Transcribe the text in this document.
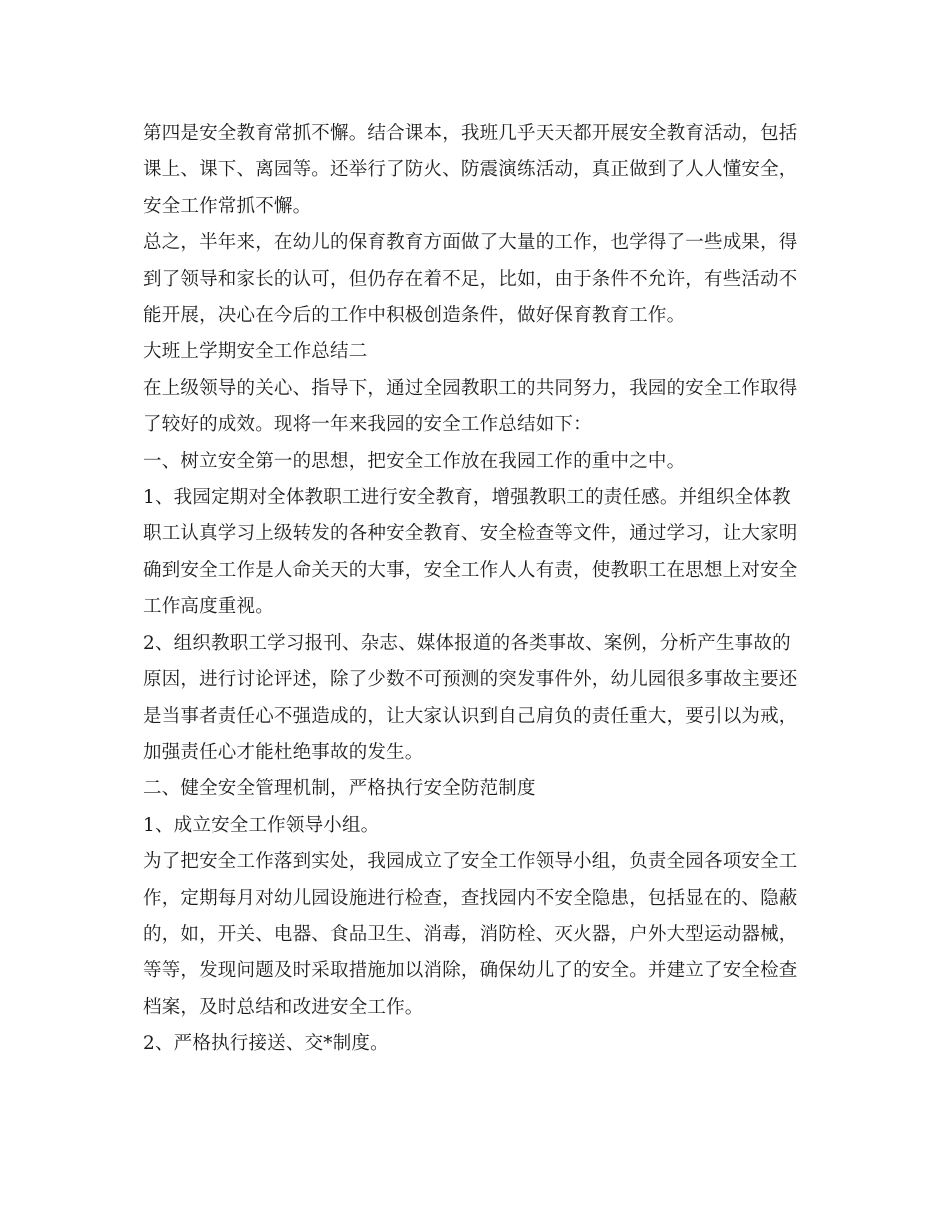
第四是安全教育常抓不懈。结合课本，我班几乎天天都开展安全教育活动，包括课上、课下、离园等。还举行了防火、防震演练活动，真正做到了人人懂安全，安全工作常抓不懈。

总之，半年来，在幼儿的保育教育方面做了大量的工作，也学得了一些成果，得到了领导和家长的认可，但仍存在着不足，比如，由于条件不允许，有些活动不能开展，决心在今后的工作中积极创造条件，做好保育教育工作。

大班上学期安全工作总结二

在上级领导的关心、指导下，通过全园教职工的共同努力，我园的安全工作取得了较好的成效。现将一年来我园的安全工作总结如下：

一、树立安全第一的思想，把安全工作放在我园工作的重中之中。

1、我园定期对全体教职工进行安全教育，增强教职工的责任感。并组织全体教职工认真学习上级转发的各种安全教育、安全检查等文件，通过学习，让大家明确到安全工作是人命关天的大事，安全工作人人有责，使教职工在思想上对安全工作高度重视。

2、组织教职工学习报刊、杂志、媒体报道的各类事故、案例，分析产生事故的原因，进行讨论评述，除了少数不可预测的突发事件外，幼儿园很多事故主要还是当事者责任心不强造成的，让大家认识到自己肩负的责任重大，要引以为戒，加强责任心才能杜绝事故的发生。

二、健全安全管理机制，严格执行安全防范制度

1、成立安全工作领导小组。

为了把安全工作落到实处，我园成立了安全工作领导小组，负责全园各项安全工作，定期每月对幼儿园设施进行检查，查找园内不安全隐患，包括显在的、隐蔽的，如，开关、电器、食品卫生、消毒，消防栓、灭火器，户外大型运动器械，等等，发现问题及时采取措施加以消除，确保幼儿了的安全。并建立了安全检查档案，及时总结和改进安全工作。

2、严格执行接送、交*制度。
